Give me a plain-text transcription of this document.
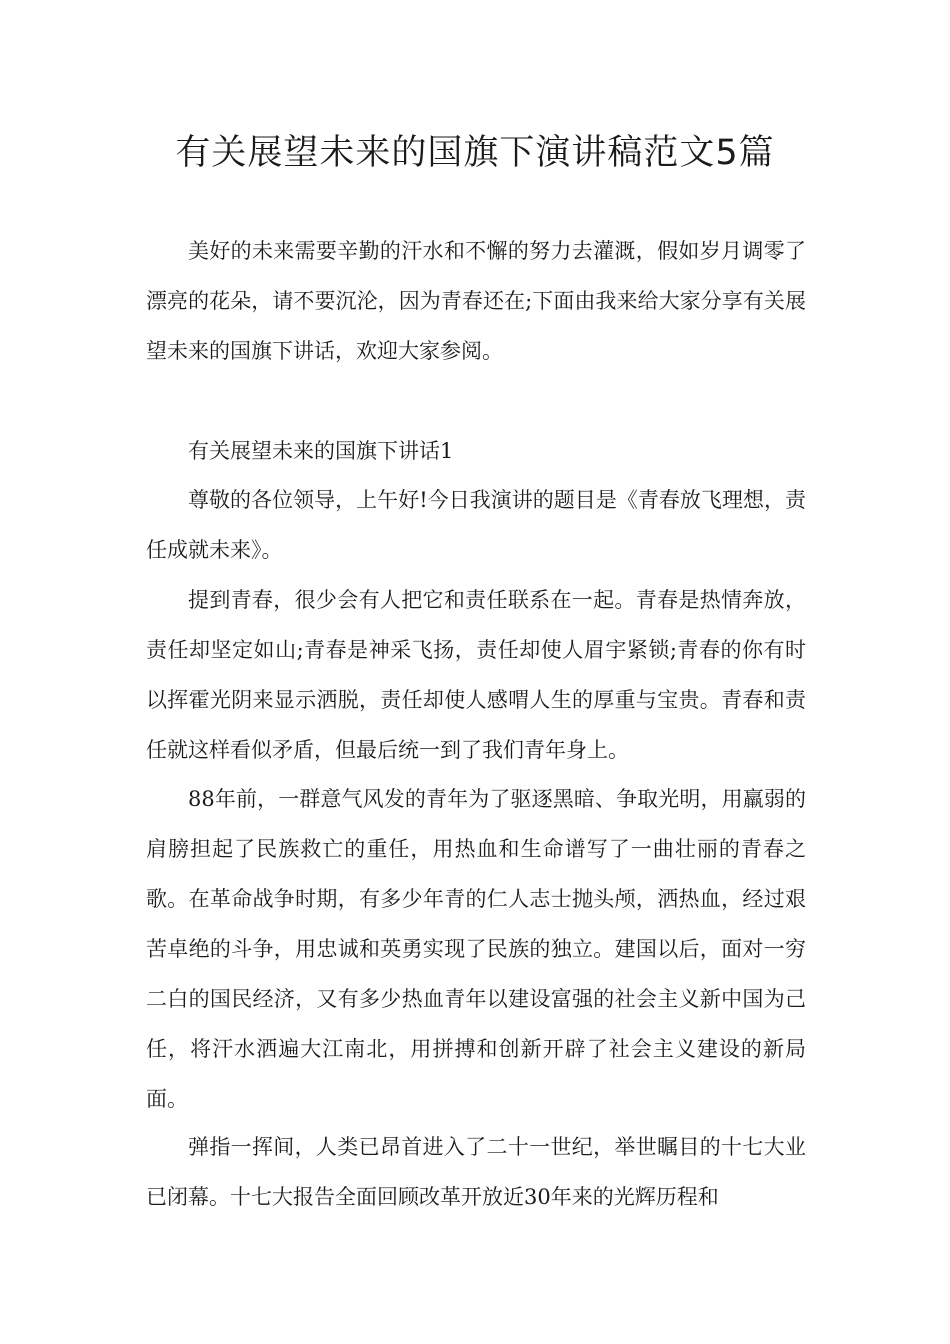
有关展望未来的国旗下演讲稿范文5篇

美好的未来需要辛勤的汗水和不懈的努力去灌溉，假如岁月调零了漂亮的花朵，请不要沉沦，因为青春还在;下面由我来给大家分享有关展望未来的国旗下讲话，欢迎大家参阅。

有关展望未来的国旗下讲话1

尊敬的各位领导，上午好!今日我演讲的题目是《青春放飞理想，责任成就未来》。

提到青春，很少会有人把它和责任联系在一起。青春是热情奔放，责任却坚定如山;青春是神采飞扬，责任却使人眉宇紧锁;青春的你有时以挥霍光阴来显示洒脱，责任却使人感喟人生的厚重与宝贵。青春和责任就这样看似矛盾，但最后统一到了我们青年身上。

88年前，一群意气风发的青年为了驱逐黑暗、争取光明，用羸弱的肩膀担起了民族救亡的重任，用热血和生命谱写了一曲壮丽的青春之歌。在革命战争时期，有多少年青的仁人志士抛头颅，洒热血，经过艰苦卓绝的斗争，用忠诚和英勇实现了民族的独立。建国以后，面对一穷二白的国民经济，又有多少热血青年以建设富强的社会主义新中国为己任，将汗水洒遍大江南北，用拼搏和创新开辟了社会主义建设的新局面。

弹指一挥间，人类已昂首进入了二十一世纪，举世瞩目的十七大业已闭幕。十七大报告全面回顾改革开放近30年来的光辉历程和
